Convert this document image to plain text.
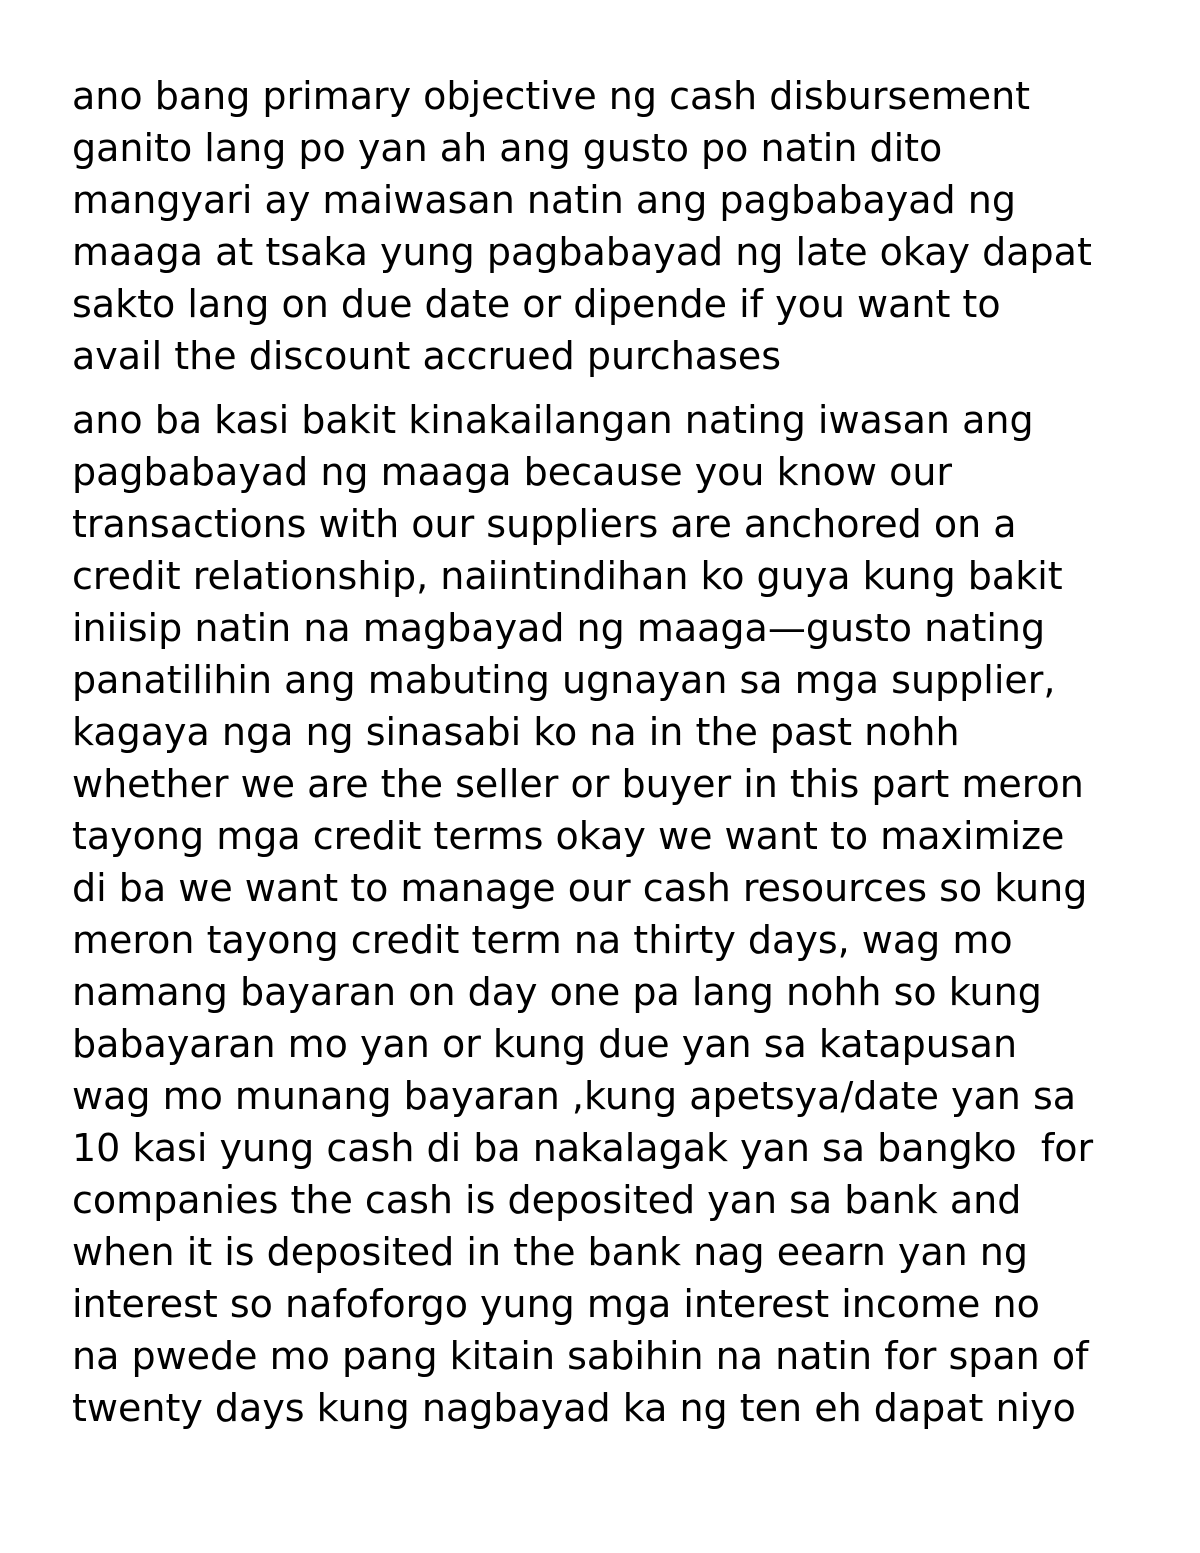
ano bang primary objective ng cash disbursement
ganito lang po yan ah ang gusto po natin dito
mangyari ay maiwasan natin ang pagbabayad ng
maaga at tsaka yung pagbabayad ng late okay dapat
sakto lang on due date or dipende if you want to
avail the discount accrued purchases
ano ba kasi bakit kinakailangan nating iwasan ang
pagbabayad ng maaga because you know our
transactions with our suppliers are anchored on a
credit relationship, naiintindihan ko guya kung bakit
iniisip natin na magbayad ng maaga—gusto nating
panatilihin ang mabuting ugnayan sa mga supplier,
kagaya nga ng sinasabi ko na in the past nohh
whether we are the seller or buyer in this part meron
tayong mga credit terms okay we want to maximize
di ba we want to manage our cash resources so kung
meron tayong credit term na thirty days, wag mo
namang bayaran on day one pa lang nohh so kung
babayaran mo yan or kung due yan sa katapusan
wag mo munang bayaran ,kung apetsya/date yan sa
10 kasi yung cash di ba nakalagak yan sa bangko  for
companies the cash is deposited yan sa bank and
when it is deposited in the bank nag eearn yan ng
interest so nafoforgo yung mga interest income no
na pwede mo pang kitain sabihin na natin for span of
twenty days kung nagbayad ka ng ten eh dapat niyo
